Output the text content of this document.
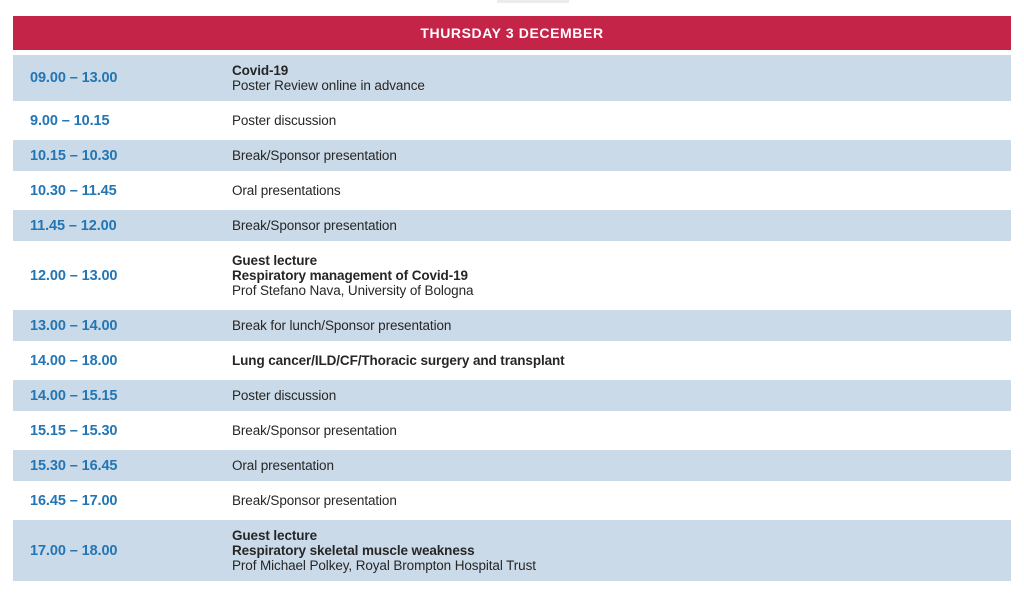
THURSDAY 3 DECEMBER
09.00 – 13.00	Covid-19
Poster Review online in advance
9.00 – 10.15	Poster discussion
10.15 – 10.30	Break/Sponsor presentation
10.30 – 11.45	Oral presentations
11.45 – 12.00	Break/Sponsor presentation
12.00 – 13.00
Guest lecture
Respiratory management of Covid-19
Prof Stefano Nava, University of Bologna
13.00 – 14.00	Break for lunch/Sponsor presentation
14.00 – 18.00	Lung cancer/ILD/CF/Thoracic surgery and transplant
14.00 – 15.15	Poster discussion
15.15 – 15.30	Break/Sponsor presentation
15.30 – 16.45	Oral presentation
16.45 – 17.00	Break/Sponsor presentation
17.00 – 18.00
Guest lecture
Respiratory skeletal muscle weakness
Prof Michael Polkey, Royal Brompton Hospital Trust
